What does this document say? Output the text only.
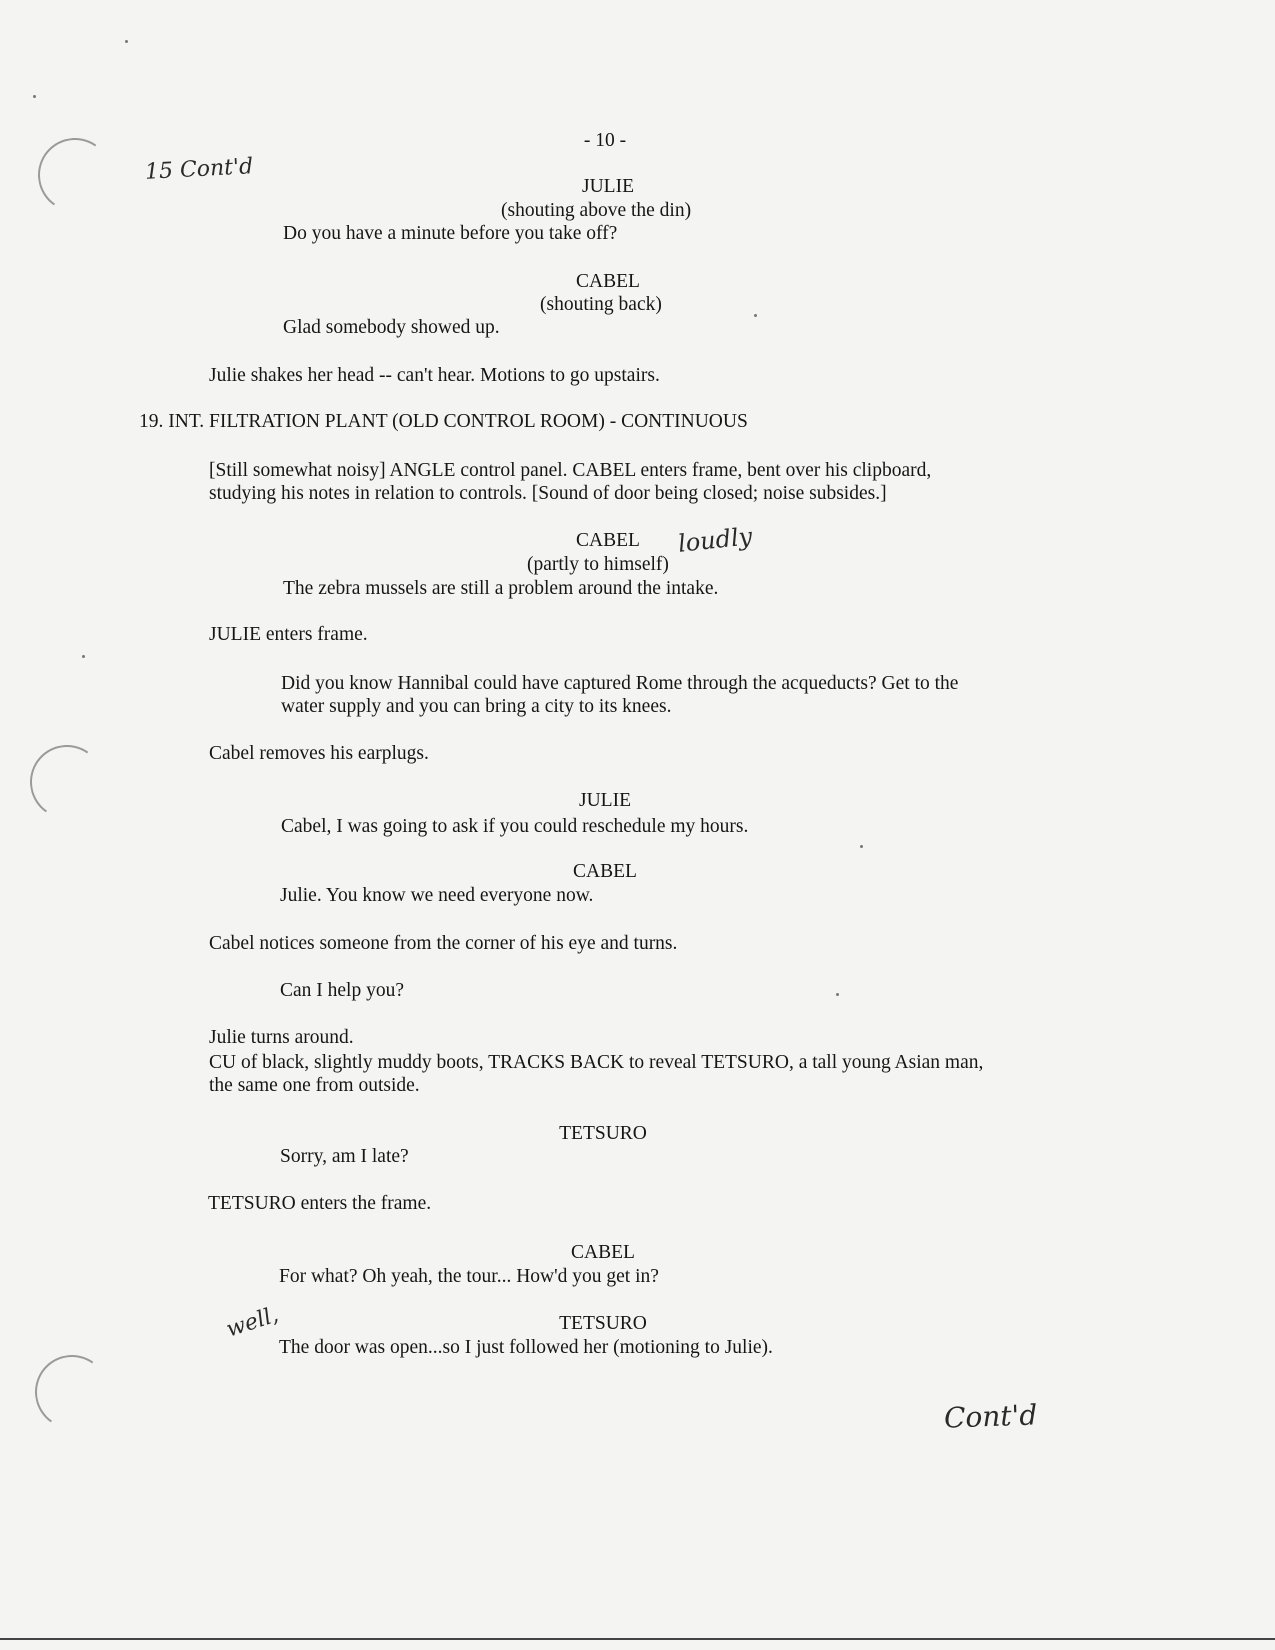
- 10 -

15 Cont'd

JULIE

(shouting above the din)

Do you have a minute before you take off?

CABEL

(shouting back)

Glad somebody showed up.

Julie shakes her head -- can't hear. Motions to go upstairs.

19. INT. FILTRATION PLANT (OLD CONTROL ROOM) - CONTINUOUS

[Still somewhat noisy] ANGLE control panel. CABEL enters frame, bent over his clipboard,

studying his notes in relation to controls. [Sound of door being closed; noise subsides.]

CABEL	loudly

(partly to himself)

The zebra mussels are still a problem around the intake.

JULIE enters frame.

Did you know Hannibal could have captured Rome through the acqueducts? Get to the

water supply and you can bring a city to its knees.

Cabel removes his earplugs.

JULIE

Cabel, I was going to ask if you could reschedule my hours.

CABEL

Julie. You know we need everyone now.

Cabel notices someone from the corner of his eye and turns.

Can I help you?

Julie turns around.

CU of black, slightly muddy boots, TRACKS BACK to reveal TETSURO, a tall young Asian man,

the same one from outside.

TETSURO

Sorry, am I late?

TETSURO enters the frame.

CABEL

For what? Oh yeah, the tour... How'd you get in?

TETSURO

well,

The door was open...so I just followed her (motioning to Julie).

Cont'd
